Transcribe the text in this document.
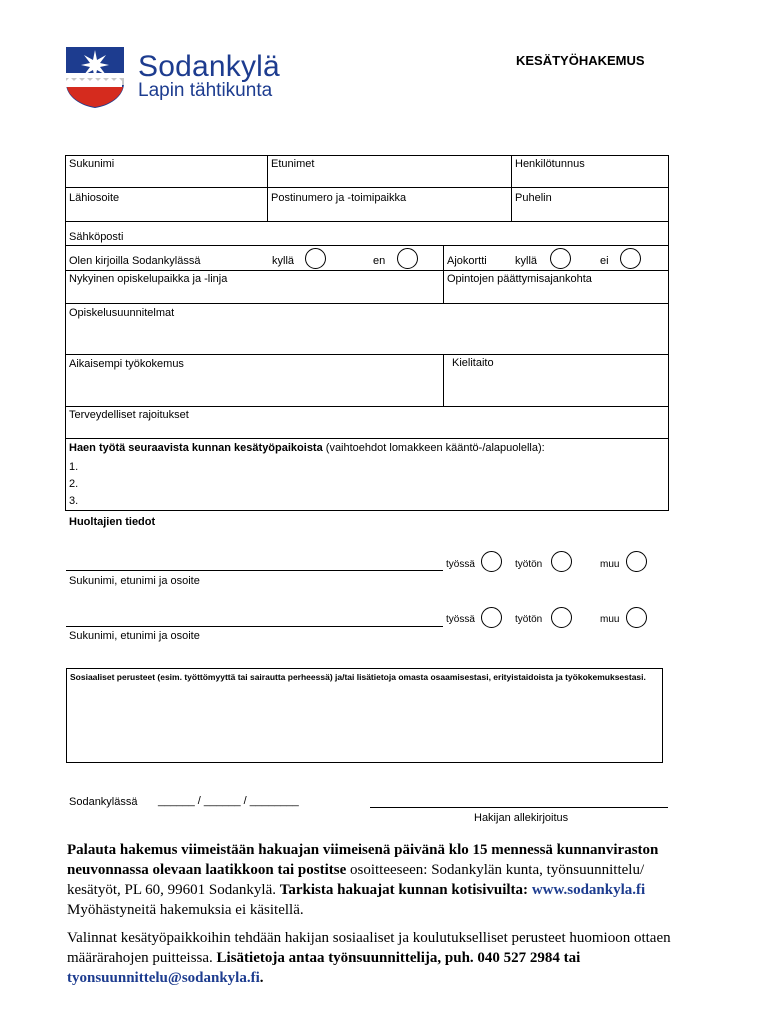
Sodankylä
Lapin tähtikunta
KESÄTYÖHAKEMUS
Sukunimi	Etunimet	Henkilötunnus
Lähiosoite	Postinumero ja -toimipaikka	Puhelin
Sähköposti
Olen kirjoilla Sodankylässä	kyllä	en	Ajokortti	kyllä	ei
Nykyinen opiskelupaikka ja -linja	Opintojen päättymisajankohta
Opiskelusuunnitelmat
Aikaisempi työkokemus	Kielitaito
Terveydelliset rajoitukset
Haen työtä seuraavista kunnan kesätyöpaikoista (vaihtoehdot lomakkeen kääntö-/alapuolella):
1.
2.
3.
Huoltajien tiedot
työssä	työtön	muu
Sukunimi, etunimi ja osoite
työssä	työtön	muu
Sukunimi, etunimi ja osoite
Sosiaaliset perusteet (esim. työttömyyttä tai sairautta perheessä) ja/tai lisätietoja omasta osaamisestasi, erityistaidoista ja työkokemuksestasi.
Sodankylässä ______ / ______ / ________
Hakijan allekirjoitus
Palauta hakemus viimeistään hakuajan viimeisenä päivänä klo 15 mennessä kunnanviraston neuvonnassa olevaan laatikkoon tai postitse osoitteeseen: Sodankylän kunta, työnsuunnittelu/ kesätyöt, PL 60, 99601 Sodankylä. Tarkista hakuajat kunnan kotisivuilta: www.sodankyla.fi
Myöhästyneitä hakemuksia ei käsitellä.
Valinnat kesätyöpaikkoihin tehdään hakijan sosiaaliset ja koulutukselliset perusteet huomioon ottaen määrärahojen puitteissa. Lisätietoja antaa työnsuunnittelija, puh. 040 527 2984 tai tyonsuunnittelu@sodankyla.fi.
